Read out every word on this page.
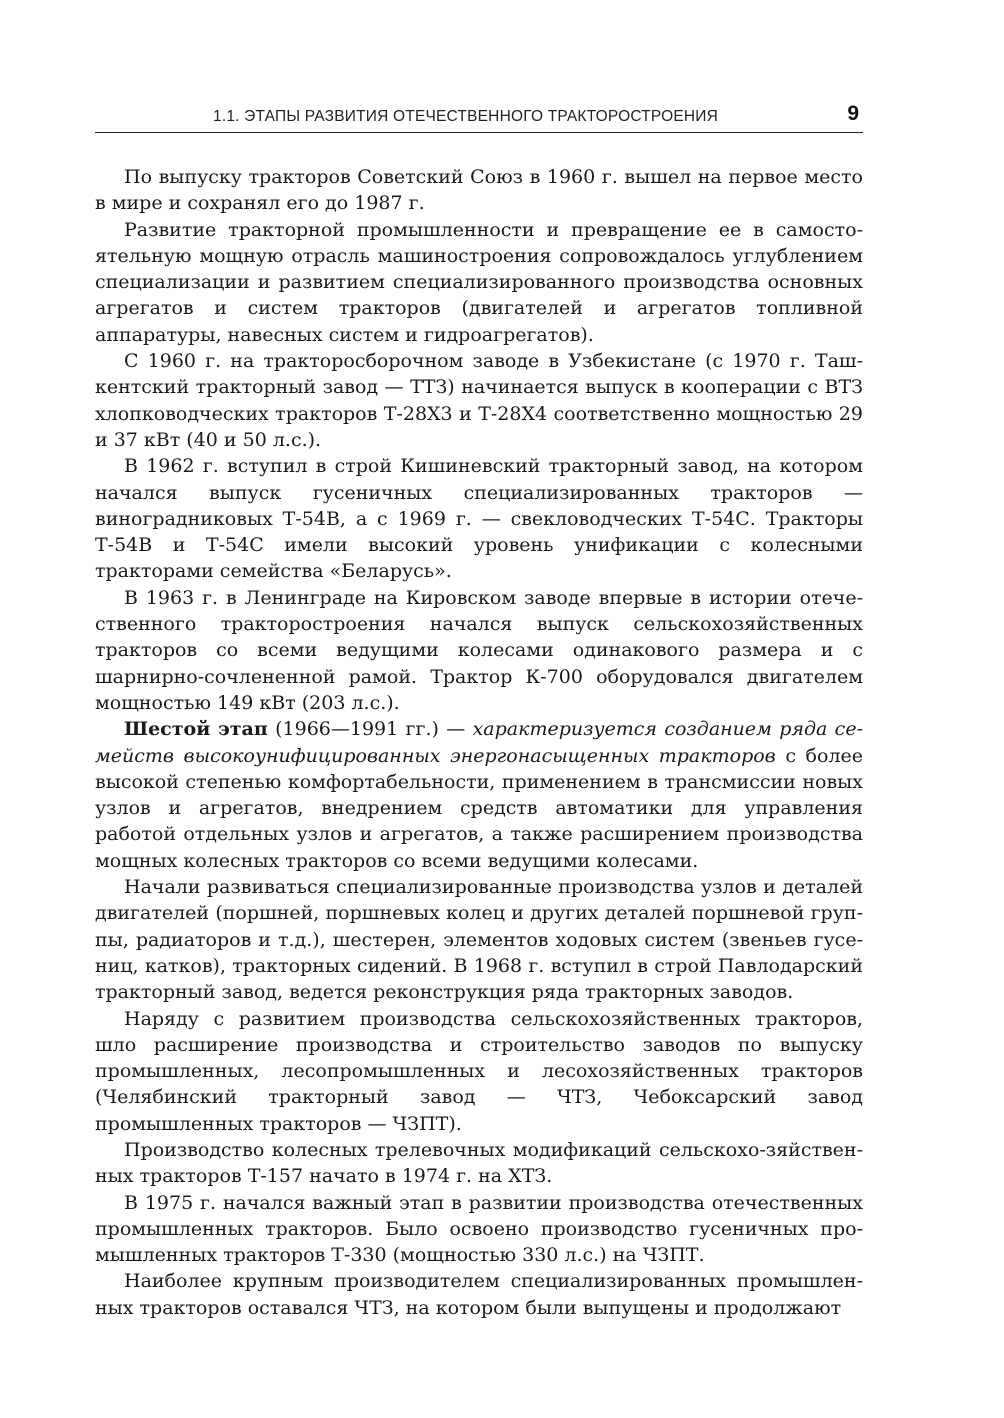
1.1. ЭТАПЫ РАЗВИТИЯ ОТЕЧЕСТВЕННОГО ТРАКТОРОСТРОЕНИЯ	9

По выпуску тракторов Советский Союз в 1960 г. вышел на первое место в мире и сохранял его до 1987 г.

Развитие тракторной промышленности и превращение ее в самостоятельную мощную отрасль машиностроения сопровождалось углублением специализации и развитием специализированного производства основных агрегатов и систем тракторов (двигателей и агрегатов топливной аппаратуры, навесных систем и гидроагрегатов).

С 1960 г. на тракторосборочном заводе в Узбекистане (с 1970 г. Ташкентский тракторный завод — ТТЗ) начинается выпуск в кооперации с ВТЗ хлопководческих тракторов Т-28Х3 и Т-28Х4 соответственно мощностью 29 и 37 кВт (40 и 50 л.с.).

В 1962 г. вступил в строй Кишиневский тракторный завод, на котором начался выпуск гусеничных специализированных тракторов — виноградниковых Т-54В, а с 1969 г. — свекловодческих Т-54С. Тракторы Т-54В и Т-54С имели высокий уровень унификации с колесными тракторами семейства «Беларусь».

В 1963 г. в Ленинграде на Кировском заводе впервые в истории отечественного тракторостроения начался выпуск сельскохозяйственных тракторов со всеми ведущими колесами одинакового размера и с шарнирно-сочлененной рамой. Трактор К-700 оборудовался двигателем мощностью 149 кВт (203 л.с.).

Шестой этап (1966—1991 гг.) — характеризуется созданием ряда семейств высокоунифицированных энергонасыщенных тракторов с более высокой степенью комфортабельности, применением в трансмиссии новых узлов и агрегатов, внедрением средств автоматики для управления работой отдельных узлов и агрегатов, а также расширением производства мощных колесных тракторов со всеми ведущими колесами.

Начали развиваться специализированные производства узлов и деталей двигателей (поршней, поршневых колец и других деталей поршневой группы, радиаторов и т.д.), шестерен, элементов ходовых систем (звеньев гусениц, катков), тракторных сидений. В 1968 г. вступил в строй Павлодарский тракторный завод, ведется реконструкция ряда тракторных заводов.

Наряду с развитием производства сельскохозяйственных тракторов, шло расширение производства и строительство заводов по выпуску промышленных, лесопромышленных и лесохозяйственных тракторов (Челябинский тракторный завод — ЧТЗ, Чебоксарский завод промышленных тракторов — ЧЗПТ).

Производство колесных трелевочных модификаций сельскохо-зяйственных тракторов Т-157 начато в 1974 г. на ХТЗ.

В 1975 г. начался важный этап в развитии производства отечественных промышленных тракторов. Было освоено производство гусеничных промышленных тракторов Т-330 (мощностью 330 л.с.) на ЧЗПТ.

Наиболее крупным производителем специализированных промышленных тракторов оставался ЧТЗ, на котором были выпущены и продолжают
